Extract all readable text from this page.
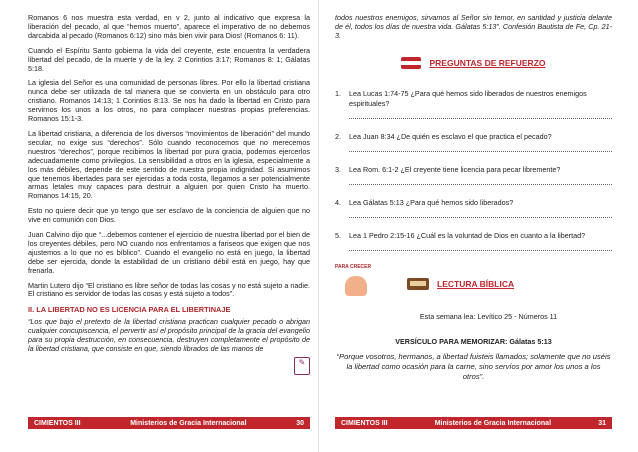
Romanos 6 nos muestra esta verdad, en v 2, junto al indicativo que expresa la liberación del pecado, al que “hemos muerto”, aparece el imperativo de no debemos darcabida al pecado (Romanos 6:12) sino más bien vivir para Dios! (Romanos 6: 11).

Cuando el Espíritu Santo gobierna la vida del creyente, este encuentra la verdadera libertad del pecado, de la muerte y de la ley. 2 Corintios 3:17; Romanos 8: 1; Gálatas 5:18.

La iglesia del Señor es una comunidad de personas libres. Por ello la libertad cristiana nunca debe ser utilizada de tal manera que se convierta en un obstáculo para otro cristiano. Romanos 14:13; 1 Corintios 8:13. Se nos ha dado la libertad en Cristo para servirnos los unos a los otros, no para complacer nuestras propias preferencias. Romanos 15:1-3.

La libertad cristiana, a diferencia de los diversos “movimientos de liberación” del mundo secular, no exige sus “derechos”. Sólo cuando reconocemos que no merecemos nuestros “derechos”, porque recibimos la libertad por pura gracia, podemos ejercerlos adecuadamente como privilegios. La sensibilidad a otros en la iglesia, especialmente a los más débiles, depende de este sentido de nuestra propia indignidad. Si asumimos que tenemos libertades para ser ejercidas a toda costa, llegamos a ser potencialmente armas letales muy capaces para destruir a alguien por quien Cristo ha muerto. Romanos 14:15, 20.

Esto no quiere decir que yo tengo que ser esclavo de la conciencia de alguien que no vive en comunión con Dios.

Juan Calvino dijo que “...debemos contener el ejercicio de nuestra libertad por el bien de los creyentes débiles, pero NO cuando nos enfrentamos a fariseos que exigen que nos ajustemos a lo que no es bíblico”. Cuando el evangelio no está en juego, la libertad debe ser ejercida, donde la estabilidad de un cristiano débil está en juego, hay que frenarla.

Martin Lutero dijo “El cristiano es libre señor de todas las cosas y no está sujeto a nadie. El cristiano es servidor de todas las cosas y está sujeto a todos”.

II. LA LIBERTAD NO ES LICENCIA PARA EL LIBERTINAJE

“Los que bajo el pretexto de la libertad cristiana practican cualquier pecado o abrigan cualquier concupiscencia, el pervertir así el propósito principal de la gracia del evangelio para su propia destrucción, en consecuencia, destruyen completamente el propósito de la libertad cristiana, que consiste en que, siendo librados de las manos de

✎
CIMIENTOS III	Ministerios de Gracia Internacional	30

todos nuestros enemigos, sirvamos al Señor sin temor, en santidad y justicia delante de él, todos los días de nuestra vida. Gálatas 5:13”. Confesión Bautista de Fe, Cp. 21-3.

PREGUNTAS DE REFUERZO
1.	Lea Lucas 1:74-75 ¿Para qué hemos sido liberados de nuestros enemigos espirituales?
2.	Lea Juan 8:34 ¿De quién es esclavo el que practica el pecado?
3.	Lea Rom. 6:1-2 ¿El creyente tiene licencia para pecar libremente?
4.	Lea Gálatas 5:13 ¿Para qué hemos sido liberados?
5.	Lea 1 Pedro 2:15-16 ¿Cuál es la voluntad de Dios en cuanto a la libertad?
PARA CRECER
LECTURA BÍBLICA
Esta semana lea: Levítico 25 - Números 11
VERSÍCULO PARA MEMORIZAR: Gálatas 5:13
“Porque vosotros, hermanos, a libertad fuisteis llamados; solamente que no uséis la libertad como ocasión para la carne, sino servíos por amor los unos a los otros”.
CIMIENTOS III	Ministerios de Gracia Internacional	31
